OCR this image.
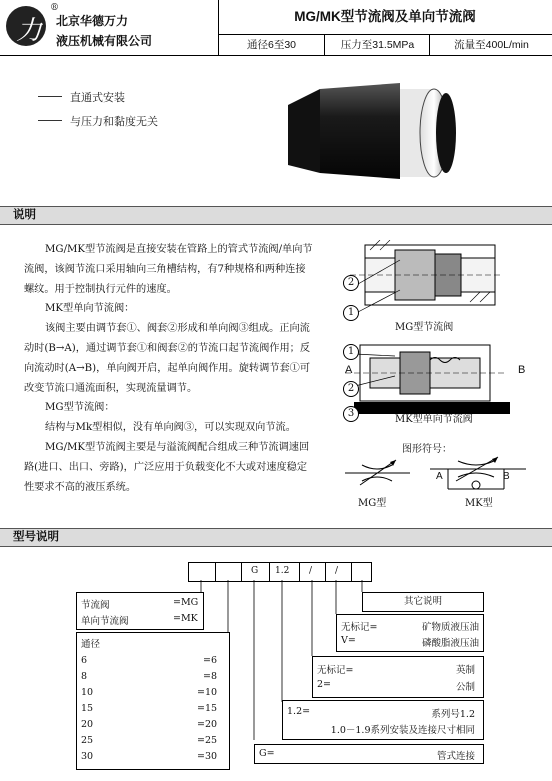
力
®
北京华德万力
液压机械有限公司
MG/MK型节流阀及单向节流阀
通径6至30	压力至31.5MPa	流量至400L/min
直通式安装
与压力和黏度无关
说明

MG/MK型节流阀是直接安装在管路上的管式节流阀/单向节流阀，该阀节流口采用轴向三角槽结构，有7种规格和两种连接螺纹。用于控制执行元件的速度。

MK型单向节流阀：

该阀主要由调节套①、阀套②形成和单向阀③组成。正向流动时(B→A)，通过调节套①和阀套②的节流口起节流阀作用；反向流动时(A→B)，单向阀开启，起单向阀作用。旋转调节套①可改变节流口通流面积，实现流量调节。

MG型节流阀：

结构与Mk型相似，没有单向阀③，可以实现双向节流。

MG/MK型节流阀主要是与溢流阀配合组成三种节流调速回路(进口、出口、旁路)，广泛应用于负载变化不大或对速度稳定性要求不高的液压系统。

2
1
MG型节流阀
1
2
3
A	B
MK型单向节流阀
图形符号：
MG型
A	B
MK型
型号说明
G 1.2 /	/
节流阀	=MG
单向节流阀	=MK
通径
6	=6
8	=8
10	=10
15	=15
20	=20
25	=25
30	=30
其它说明
无标记=	矿物质液压油
V=	磷酸脂液压油
无标记=	英制
2=	公制
1.2=	系列号1.2
1.0－1.9系列安装及连接尺寸相同
G=	管式连接
